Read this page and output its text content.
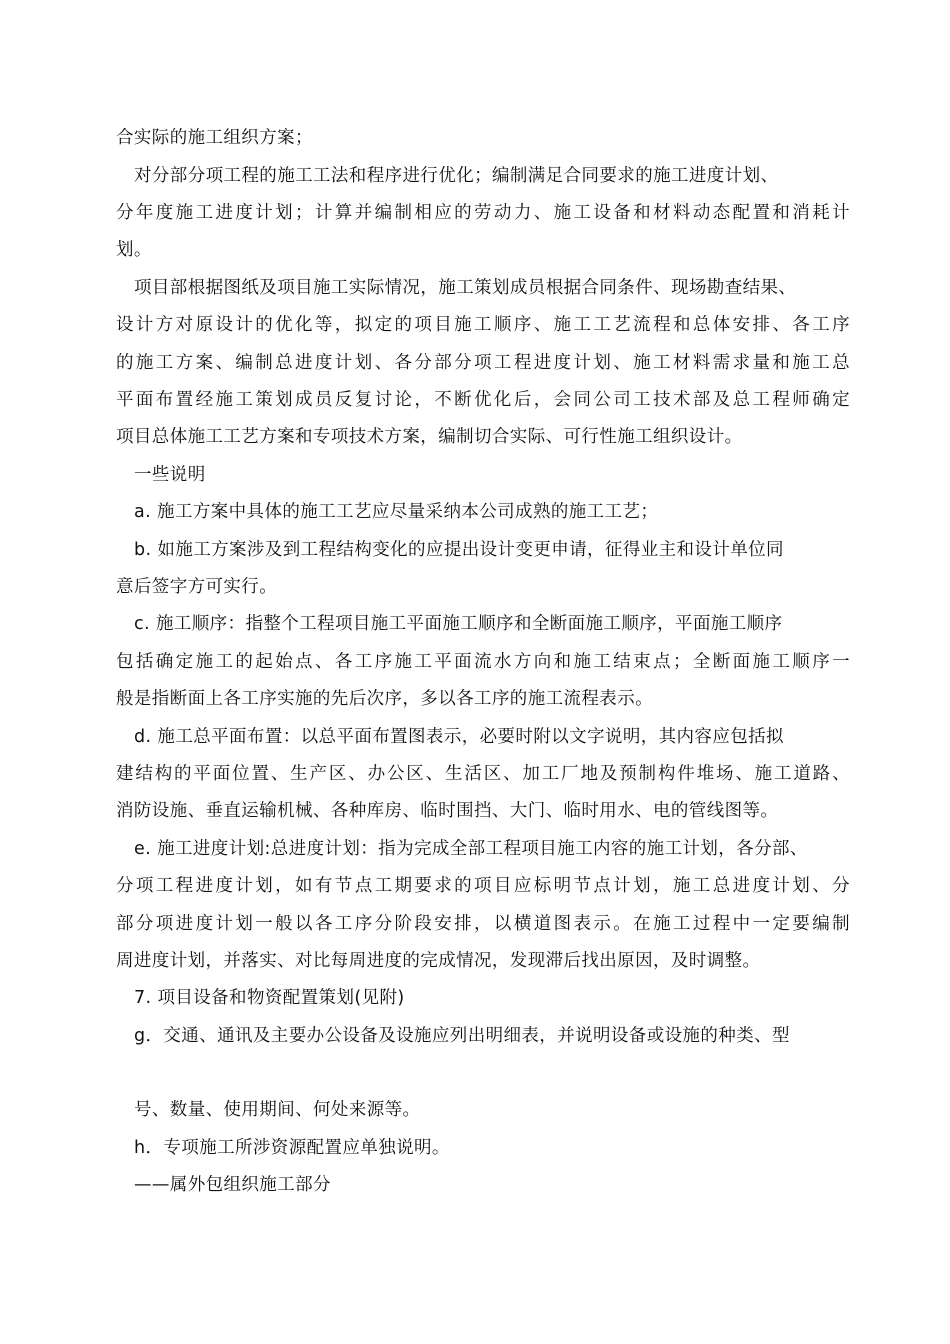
合实际的施工组织方案；

对分部分项工程的施工工法和程序进行优化；编制满足合同要求的施工进度计划、

分年度施工进度计划；计算并编制相应的劳动力、施工设备和材料动态配置和消耗计

划。

项目部根据图纸及项目施工实际情况，施工策划成员根据合同条件、现场勘查结果、

设计方对原设计的优化等，拟定的项目施工顺序、施工工艺流程和总体安排、各工序

的施工方案、编制总进度计划、各分部分项工程进度计划、施工材料需求量和施工总

平面布置经施工策划成员反复讨论，不断优化后，会同公司工技术部及总工程师确定

项目总体施工工艺方案和专项技术方案，编制切合实际、可行性施工组织设计。

一些说明

a. 施工方案中具体的施工工艺应尽量采纳本公司成熟的施工工艺；

b. 如施工方案涉及到工程结构变化的应提出设计变更申请，征得业主和设计单位同

意后签字方可实行。

c. 施工顺序：指整个工程项目施工平面施工顺序和全断面施工顺序，平面施工顺序

包括确定施工的起始点、各工序施工平面流水方向和施工结束点；全断面施工顺序一

般是指断面上各工序实施的先后次序，多以各工序的施工流程表示。

d. 施工总平面布置：以总平面布置图表示，必要时附以文字说明，其内容应包括拟

建结构的平面位置、生产区、办公区、生活区、加工厂地及预制构件堆场、施工道路、

消防设施、垂直运输机械、各种库房、临时围挡、大门、临时用水、电的管线图等。

e. 施工进度计划:总进度计划：指为完成全部工程项目施工内容的施工计划，各分部、

分项工程进度计划，如有节点工期要求的项目应标明节点计划，施工总进度计划、分

部分项进度计划一般以各工序分阶段安排，以横道图表示。在施工过程中一定要编制

周进度计划，并落实、对比每周进度的完成情况，发现滞后找出原因，及时调整。

7. 项目设备和物资配置策划(见附)

g．交通、通讯及主要办公设备及设施应列出明细表，并说明设备或设施的种类、型

号、数量、使用期间、何处来源等。

h．专项施工所涉资源配置应单独说明。

——属外包组织施工部分
